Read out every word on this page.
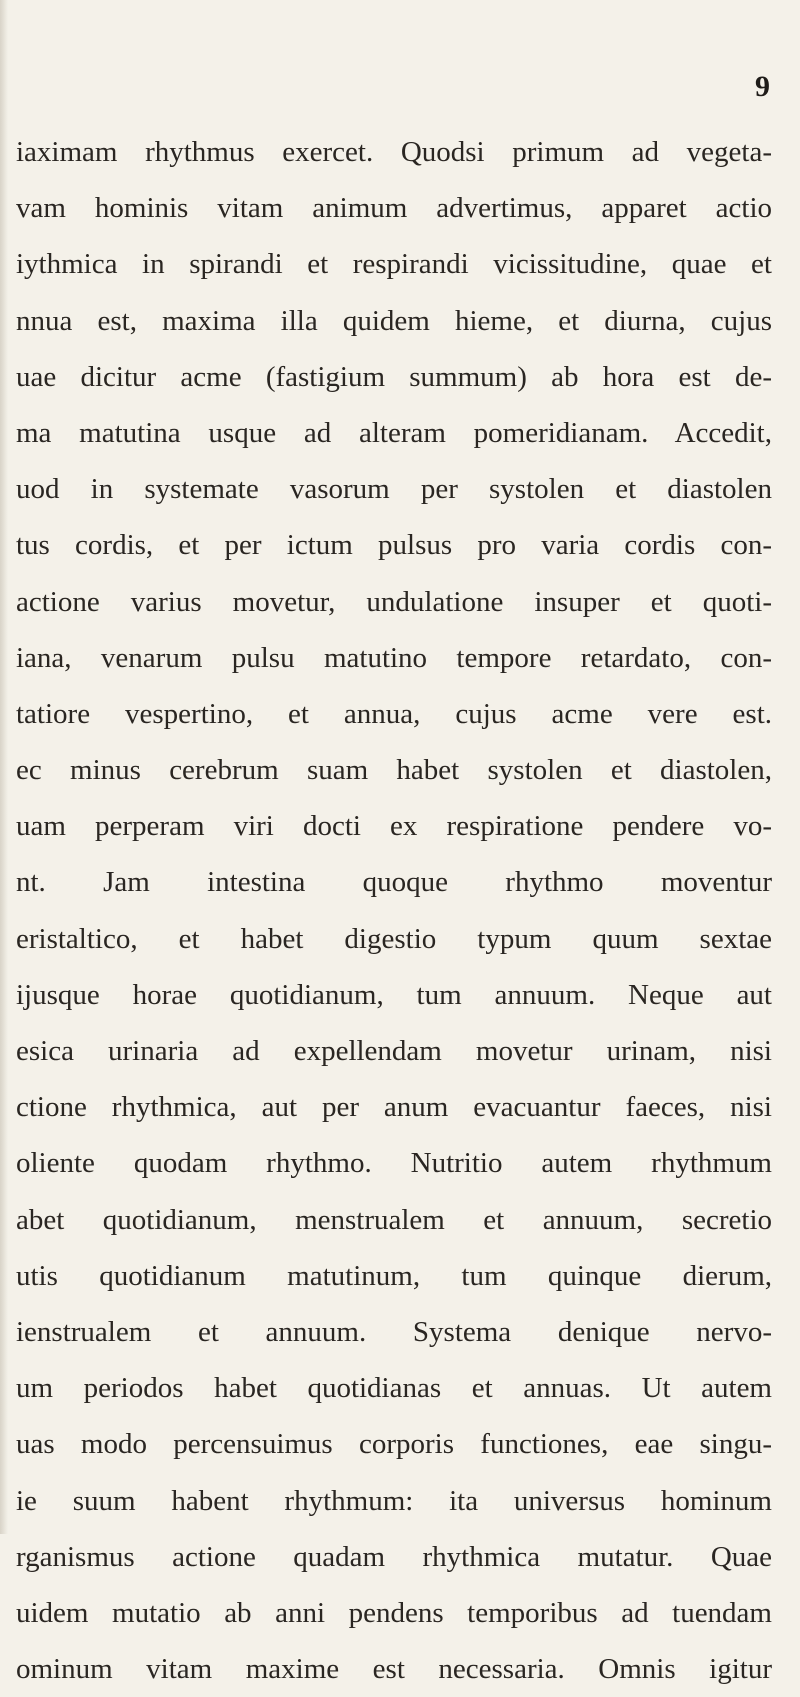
9
iaximam rhythmus exercet. Quodsi primum ad vegeta-
vam hominis vitam animum advertimus, apparet actio
iythmica in spirandi et respirandi vicissitudine, quae et
nnua est, maxima illa quidem hieme, et diurna, cujus
uae dicitur acme (fastigium summum) ab hora est de-
ma matutina usque ad alteram pomeridianam. Accedit,
uod in systemate vasorum per systolen et diastolen
tus cordis, et per ictum pulsus pro varia cordis con-
actione varius movetur, undulatione insuper et quoti-
iana, venarum pulsu matutino tempore retardato, con-
tatiore vespertino, et annua, cujus acme vere est.
ec minus cerebrum suam habet systolen et diastolen,
uam perperam viri docti ex respiratione pendere vo-
nt. Jam intestina quoque rhythmo moventur
eristaltico, et habet digestio typum quum sextae
ijusque horae quotidianum, tum annuum. Neque aut
esica urinaria ad expellendam movetur urinam, nisi
ctione rhythmica, aut per anum evacuantur faeces, nisi
oliente quodam rhythmo. Nutritio autem rhythmum
abet quotidianum, menstrualem et annuum, secretio
utis quotidianum matutinum, tum quinque dierum,
ienstrualem et annuum. Systema denique nervo-
um periodos habet quotidianas et annuas. Ut autem
uas modo percensuimus corporis functiones, eae singu-
ie suum habent rhythmum: ita universus hominum
rganismus actione quadam rhythmica mutatur. Quae
uidem mutatio ab anni pendens temporibus ad tuendam
ominum vitam maxime est necessaria. Omnis igitur
